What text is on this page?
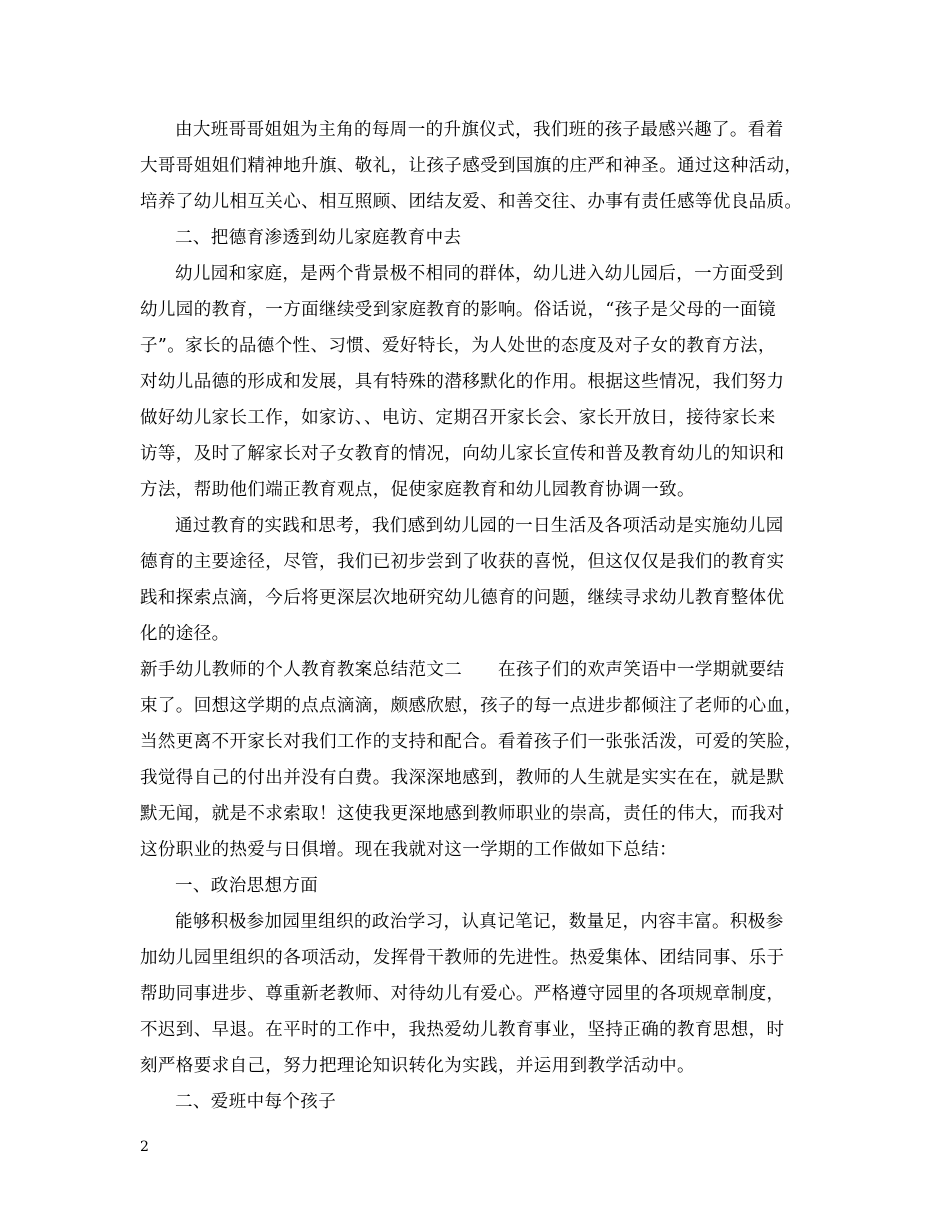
由大班哥哥姐姐为主角的每周一的升旗仪式，我们班的孩子最感兴趣了。看着
大哥哥姐姐们精神地升旗、敬礼，让孩子感受到国旗的庄严和神圣。通过这种活动，
培养了幼儿相互关心、相互照顾、团结友爱、和善交往、办事有责任感等优良品质。
二、把德育渗透到幼儿家庭教育中去
幼儿园和家庭，是两个背景极不相同的群体，幼儿进入幼儿园后，一方面受到
幼儿园的教育，一方面继续受到家庭教育的影响。俗话说，“孩子是父母的一面镜
子”。家长的品德个性、习惯、爱好特长，为人处世的态度及对子女的教育方法，
对幼儿品德的形成和发展，具有特殊的潜移默化的作用。根据这些情况，我们努力
做好幼儿家长工作，如家访、、电访、定期召开家长会、家长开放日，接待家长来
访等，及时了解家长对子女教育的情况，向幼儿家长宣传和普及教育幼儿的知识和
方法，帮助他们端正教育观点，促使家庭教育和幼儿园教育协调一致。
通过教育的实践和思考，我们感到幼儿园的一日生活及各项活动是实施幼儿园
德育的主要途径，尽管，我们已初步尝到了收获的喜悦，但这仅仅是我们的教育实
践和探索点滴，今后将更深层次地研究幼儿德育的问题，继续寻求幼儿教育整体优
化的途径。
新手幼儿教师的个人教育教案总结范文二　　在孩子们的欢声笑语中一学期就要结
束了。回想这学期的点点滴滴，颇感欣慰，孩子的每一点进步都倾注了老师的心血，
当然更离不开家长对我们工作的支持和配合。看着孩子们一张张活泼，可爱的笑脸，
我觉得自己的付出并没有白费。我深深地感到，教师的人生就是实实在在，就是默
默无闻，就是不求索取！这使我更深地感到教师职业的崇高，责任的伟大，而我对
这份职业的热爱与日俱增。现在我就对这一学期的工作做如下总结：
一、政治思想方面
能够积极参加园里组织的政治学习，认真记笔记，数量足，内容丰富。积极参
加幼儿园里组织的各项活动，发挥骨干教师的先进性。热爱集体、团结同事、乐于
帮助同事进步、尊重新老教师、对待幼儿有爱心。严格遵守园里的各项规章制度，
不迟到、早退。在平时的工作中，我热爱幼儿教育事业，坚持正确的教育思想，时
刻严格要求自己，努力把理论知识转化为实践，并运用到教学活动中。
二、爱班中每个孩子
2
